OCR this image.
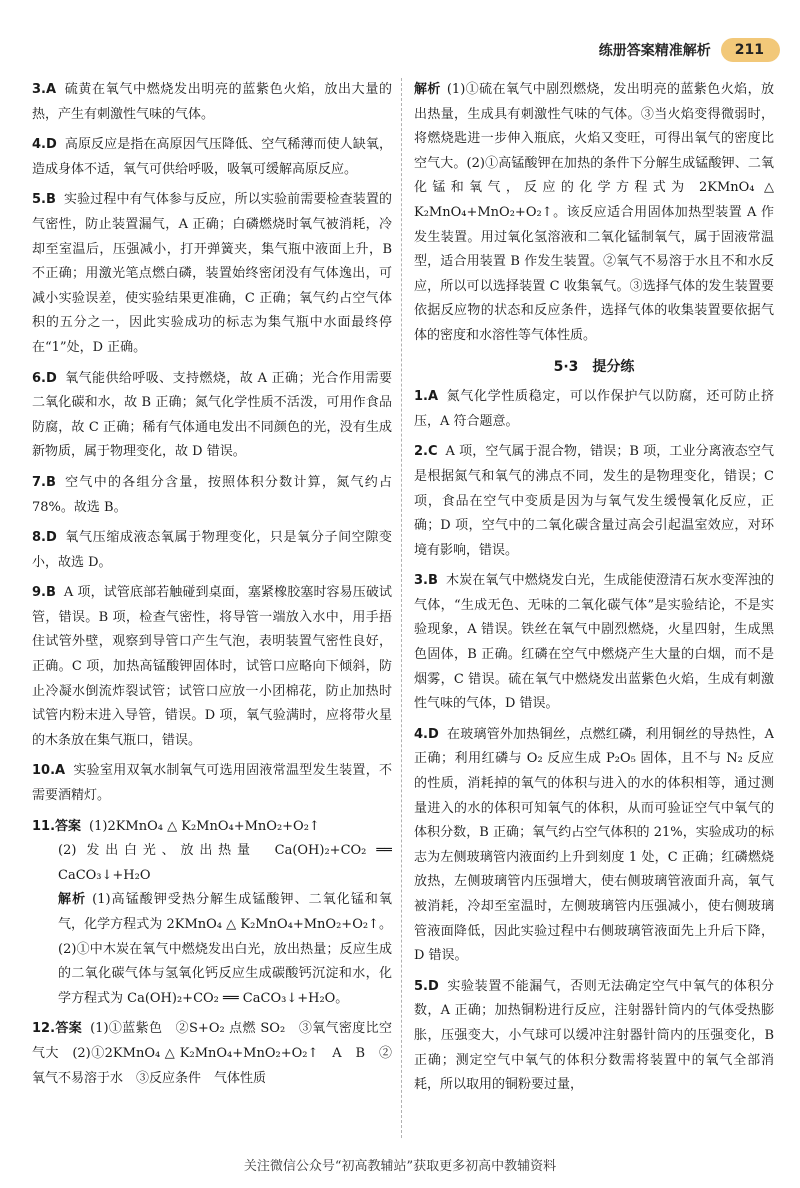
练册答案精准解析	211
3.A 硫黄在氧气中燃烧发出明亮的蓝紫色火焰，放出大量的热，产生有刺激性气味的气体。
4.D 高原反应是指在高原因气压降低、空气稀薄而使人缺氧，造成身体不适，氧气可供给呼吸，吸氧可缓解高原反应。
5.B 实验过程中有气体参与反应，所以实验前需要检查装置的气密性，防止装置漏气，A 正确；白磷燃烧时氧气被消耗，冷却至室温后，压强减小，打开弹簧夹，集气瓶中液面上升，B 不正确；用激光笔点燃白磷，装置始终密闭没有气体逸出，可减小实验误差，使实验结果更准确，C 正确；氧气约占空气体积的五分之一，因此实验成功的标志为集气瓶中水面最终停在“1”处，D 正确。
6.D 氧气能供给呼吸、支持燃烧，故 A 正确；光合作用需要二氧化碳和水，故 B 正确；氮气化学性质不活泼，可用作食品防腐，故 C 正确；稀有气体通电发出不同颜色的光，没有生成新物质，属于物理变化，故 D 错误。
7.B 空气中的各组分含量，按照体积分数计算，氮气约占 78%。故选 B。
8.D 氧气压缩成液态氧属于物理变化，只是氧分子间空隙变小，故选 D。
9.B A 项，试管底部若触碰到桌面，塞紧橡胶塞时容易压破试管，错误。B 项，检查气密性，将导管一端放入水中，用手捂住试管外壁，观察到导管口产生气泡，表明装置气密性良好，正确。C 项，加热高锰酸钾固体时，试管口应略向下倾斜，防止冷凝水倒流炸裂试管；试管口应放一小团棉花，防止加热时试管内粉末进入导管，错误。D 项，氧气验满时，应将带火星的木条放在集气瓶口，错误。
10.A 实验室用双氧水制氧气可选用固液常温型发生装置，不需要酒精灯。
11.答案 (1)2KMnO₄ △ K₂MnO₄+MnO₂+O₂↑
(2) 发出白光、放出热量　Ca(OH)₂+CO₂ ══ CaCO₃↓+H₂O
解析 (1)高锰酸钾受热分解生成锰酸钾、二氧化锰和氧气，化学方程式为 2KMnO₄ △ K₂MnO₄+MnO₂+O₂↑。(2)①中木炭在氧气中燃烧发出白光，放出热量；反应生成的二氧化碳气体与氢氧化钙反应生成碳酸钙沉淀和水，化学方程式为 Ca(OH)₂+CO₂ ══ CaCO₃↓+H₂O。
12.答案 (1)①蓝紫色　②S+O₂ 点燃 SO₂　③氧气密度比空气大　(2)①2KMnO₄ △ K₂MnO₄+MnO₂+O₂↑　A　B　②氧气不易溶于水　③反应条件　气体性质
解析 (1)①硫在氧气中剧烈燃烧，发出明亮的蓝紫色火焰，放出热量，生成具有刺激性气味的气体。③当火焰变得微弱时，将燃烧匙进一步伸入瓶底，火焰又变旺，可得出氧气的密度比空气大。(2)①高锰酸钾在加热的条件下分解生成锰酸钾、二氧化锰和氧气，反应的化学方程式为 2KMnO₄ △ K₂MnO₄+MnO₂+O₂↑。该反应适合用固体加热型装置 A 作发生装置。用过氧化氢溶液和二氧化锰制氧气，属于固液常温型，适合用装置 B 作发生装置。②氧气不易溶于水且不和水反应，所以可以选择装置 C 收集氧气。③选择气体的发生装置要依据反应物的状态和反应条件，选择气体的收集装置要依据气体的密度和水溶性等气体性质。
5·3　提分练
1.A 氮气化学性质稳定，可以作保护气以防腐，还可防止挤压，A 符合题意。
2.C A 项，空气属于混合物，错误；B 项，工业分离液态空气是根据氮气和氧气的沸点不同，发生的是物理变化，错误；C 项，食品在空气中变质是因为与氧气发生缓慢氧化反应，正确；D 项，空气中的二氧化碳含量过高会引起温室效应，对环境有影响，错误。
3.B 木炭在氧气中燃烧发白光，生成能使澄清石灰水变浑浊的气体，“生成无色、无味的二氧化碳气体”是实验结论，不是实验现象，A 错误。铁丝在氧气中剧烈燃烧，火星四射，生成黑色固体，B 正确。红磷在空气中燃烧产生大量的白烟，而不是烟雾，C 错误。硫在氧气中燃烧发出蓝紫色火焰，生成有刺激性气味的气体，D 错误。
4.D 在玻璃管外加热铜丝，点燃红磷，利用铜丝的导热性，A 正确；利用红磷与 O₂ 反应生成 P₂O₅ 固体，且不与 N₂ 反应的性质，消耗掉的氧气的体积与进入的水的体积相等，通过测量进入的水的体积可知氧气的体积，从而可验证空气中氧气的体积分数，B 正确；氧气约占空气体积的 21%，实验成功的标志为左侧玻璃管内液面约上升到刻度 1 处，C 正确；红磷燃烧放热，左侧玻璃管内压强增大，使右侧玻璃管液面升高，氧气被消耗，冷却至室温时，左侧玻璃管内压强减小，使右侧玻璃管液面降低，因此实验过程中右侧玻璃管液面先上升后下降，D 错误。
5.D 实验装置不能漏气，否则无法确定空气中氧气的体积分数，A 正确；加热铜粉进行反应，注射器针筒内的气体受热膨胀，压强变大，小气球可以缓冲注射器针筒内的压强变化，B 正确；测定空气中氧气的体积分数需将装置中的氧气全部消耗，所以取用的铜粉要过量，
关注微信公众号“初高教辅站”获取更多初高中教辅资料
